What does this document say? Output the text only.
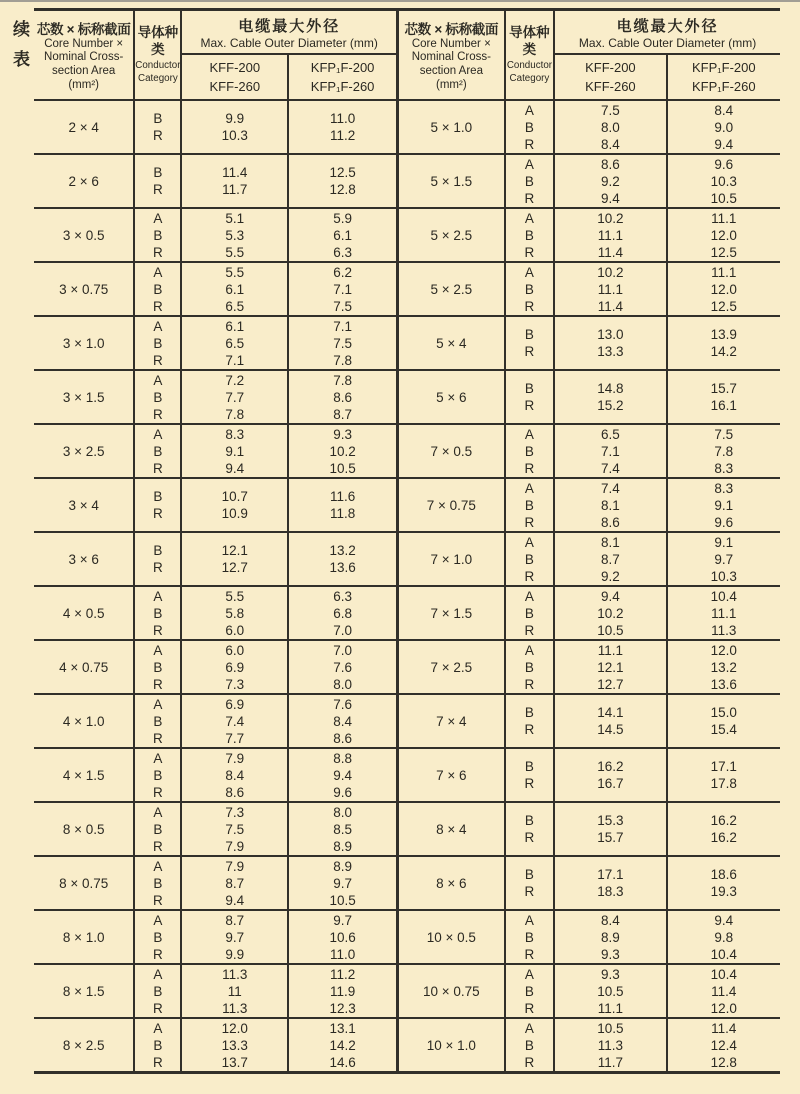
续表 芯数 × 标称截面
Core Number ×
Nominal Cross-
section Area
(mm²)
导体种类
Conductor
Category
电缆最大外径
Max. Cable Outer Diameter (mm)
KFF-200
KFF-260
KFP₁F-200
KFP₁F-260
2 × 4
B
R
9.9
10.3
11.0
11.2
2 × 6
B
R
11.4
11.7
12.5
12.8
3 × 0.5
A
B
R
5.1
5.3
5.5
5.9
6.1
6.3
3 × 0.75
A
B
R
5.5
6.1
6.5
6.2
7.1
7.5
3 × 1.0
A
B
R
6.1
6.5
7.1
7.1
7.5
7.8
3 × 1.5
A
B
R
7.2
7.7
7.8
7.8
8.6
8.7
3 × 2.5
A
B
R
8.3
9.1
9.4
9.3
10.2
10.5
3 × 4
B
R
10.7
10.9
11.6
11.8
3 × 6
B
R
12.1
12.7
13.2
13.6
4 × 0.5
A
B
R
5.5
5.8
6.0
6.3
6.8
7.0
4 × 0.75
A
B
R
6.0
6.9
7.3
7.0
7.6
8.0
4 × 1.0
A
B
R
6.9
7.4
7.7
7.6
8.4
8.6
4 × 1.5
A
B
R
7.9
8.4
8.6
8.8
9.4
9.6
8 × 0.5
A
B
R
7.3
7.5
7.9
8.0
8.5
8.9
8 × 0.75
A
B
R
7.9
8.7
9.4
8.9
9.7
10.5
8 × 1.0
A
B
R
8.7
9.7
9.9
9.7
10.6
11.0
8 × 1.5
A
B
R
11.3
11
11.3
11.2
11.9
12.3
8 × 2.5
A
B
R
12.0
13.3
13.7
13.1
14.2
14.6
芯数 × 标称截面
Core Number ×
Nominal Cross-
section Area
(mm²)
导体种类
Conductor
Category
电缆最大外径
Max. Cable Outer Diameter (mm)
KFF-200
KFF-260
KFP₁F-200
KFP₁F-260
5 × 1.0
A
B
R
7.5
8.0
8.4
8.4
9.0
9.4
5 × 1.5
A
B
R
8.6
9.2
9.4
9.6
10.3
10.5
5 × 2.5
A
B
R
10.2
11.1
11.4
11.1
12.0
12.5
5 × 2.5
A
B
R
10.2
11.1
11.4
11.1
12.0
12.5
5 × 4
B
R
13.0
13.3
13.9
14.2
5 × 6
B
R
14.8
15.2
15.7
16.1
7 × 0.5
A
B
R
6.5
7.1
7.4
7.5
7.8
8.3
7 × 0.75
A
B
R
7.4
8.1
8.6
8.3
9.1
9.6
7 × 1.0
A
B
R
8.1
8.7
9.2
9.1
9.7
10.3
7 × 1.5
A
B
R
9.4
10.2
10.5
10.4
11.1
11.3
7 × 2.5
A
B
R
11.1
12.1
12.7
12.0
13.2
13.6
7 × 4
B
R
14.1
14.5
15.0
15.4
7 × 6
B
R
16.2
16.7
17.1
17.8
8 × 4
B
R
15.3
15.7
16.2
16.2
8 × 6
B
R
17.1
18.3
18.6
19.3
10 × 0.5
A
B
R
8.4
8.9
9.3
9.4
9.8
10.4
10 × 0.75
A
B
R
9.3
10.5
11.1
10.4
11.4
12.0
10 × 1.0
A
B
R
10.5
11.3
11.7
11.4
12.4
12.8
